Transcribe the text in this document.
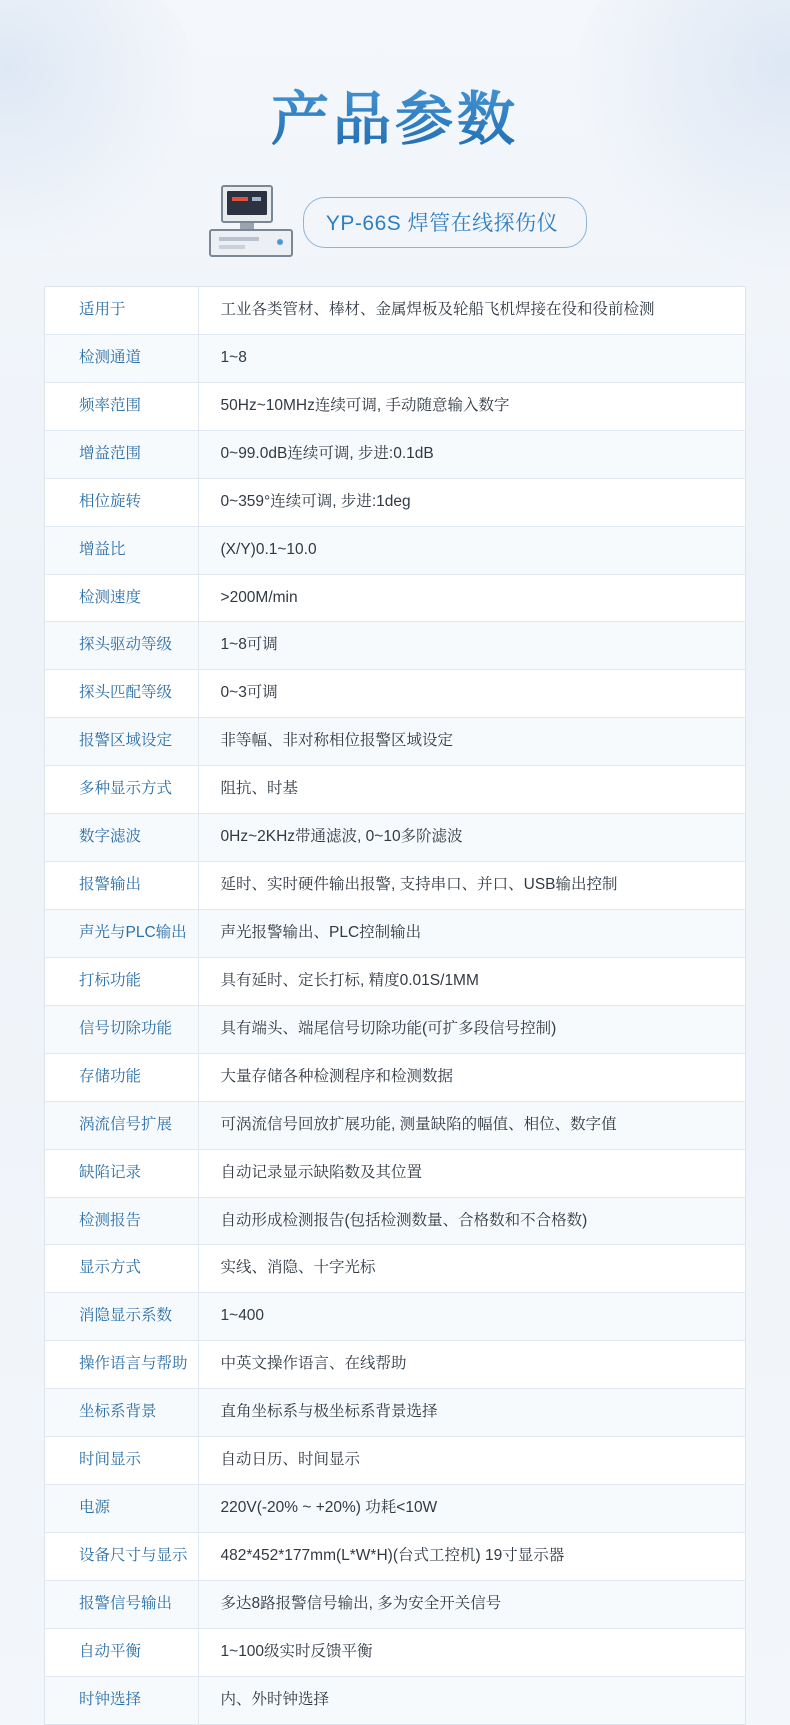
产品参数
YP-66S 焊管在线探伤仪
适用于	工业各类管材、棒材、金属焊板及轮船飞机焊接在役和役前检测
检测通道	1~8
频率范围	50Hz~10MHz连续可调, 手动随意输入数字
增益范围	0~99.0dB连续可调, 步进:0.1dB
相位旋转	0~359°连续可调, 步进:1deg
增益比	(X/Y)0.1~10.0
检测速度	>200M/min
探头驱动等级	1~8可调
探头匹配等级	0~3可调
报警区域设定	非等幅、非对称相位报警区域设定
多种显示方式	阻抗、时基
数字滤波	0Hz~2KHz带通滤波, 0~10多阶滤波
报警输出	延时、实时硬件输出报警, 支持串口、并口、USB输出控制
声光与PLC输出	声光报警输出、PLC控制输出
打标功能	具有延时、定长打标, 精度0.01S/1MM
信号切除功能	具有端头、端尾信号切除功能(可扩多段信号控制)
存储功能	大量存储各种检测程序和检测数据
涡流信号扩展	可涡流信号回放扩展功能, 测量缺陷的幅值、相位、数字值
缺陷记录	自动记录显示缺陷数及其位置
检测报告	自动形成检测报告(包括检测数量、合格数和不合格数)
显示方式	实线、消隐、十字光标
消隐显示系数	1~400
操作语言与帮助	中英文操作语言、在线帮助
坐标系背景	直角坐标系与极坐标系背景选择
时间显示	自动日历、时间显示
电源	220V(-20% ~ +20%) 功耗<10W
设备尺寸与显示	482*452*177mm(L*W*H)(台式工控机) 19寸显示器
报警信号输出	多达8路报警信号输出, 多为安全开关信号
自动平衡	1~100级实时反馈平衡
时钟选择	内、外时钟选择
